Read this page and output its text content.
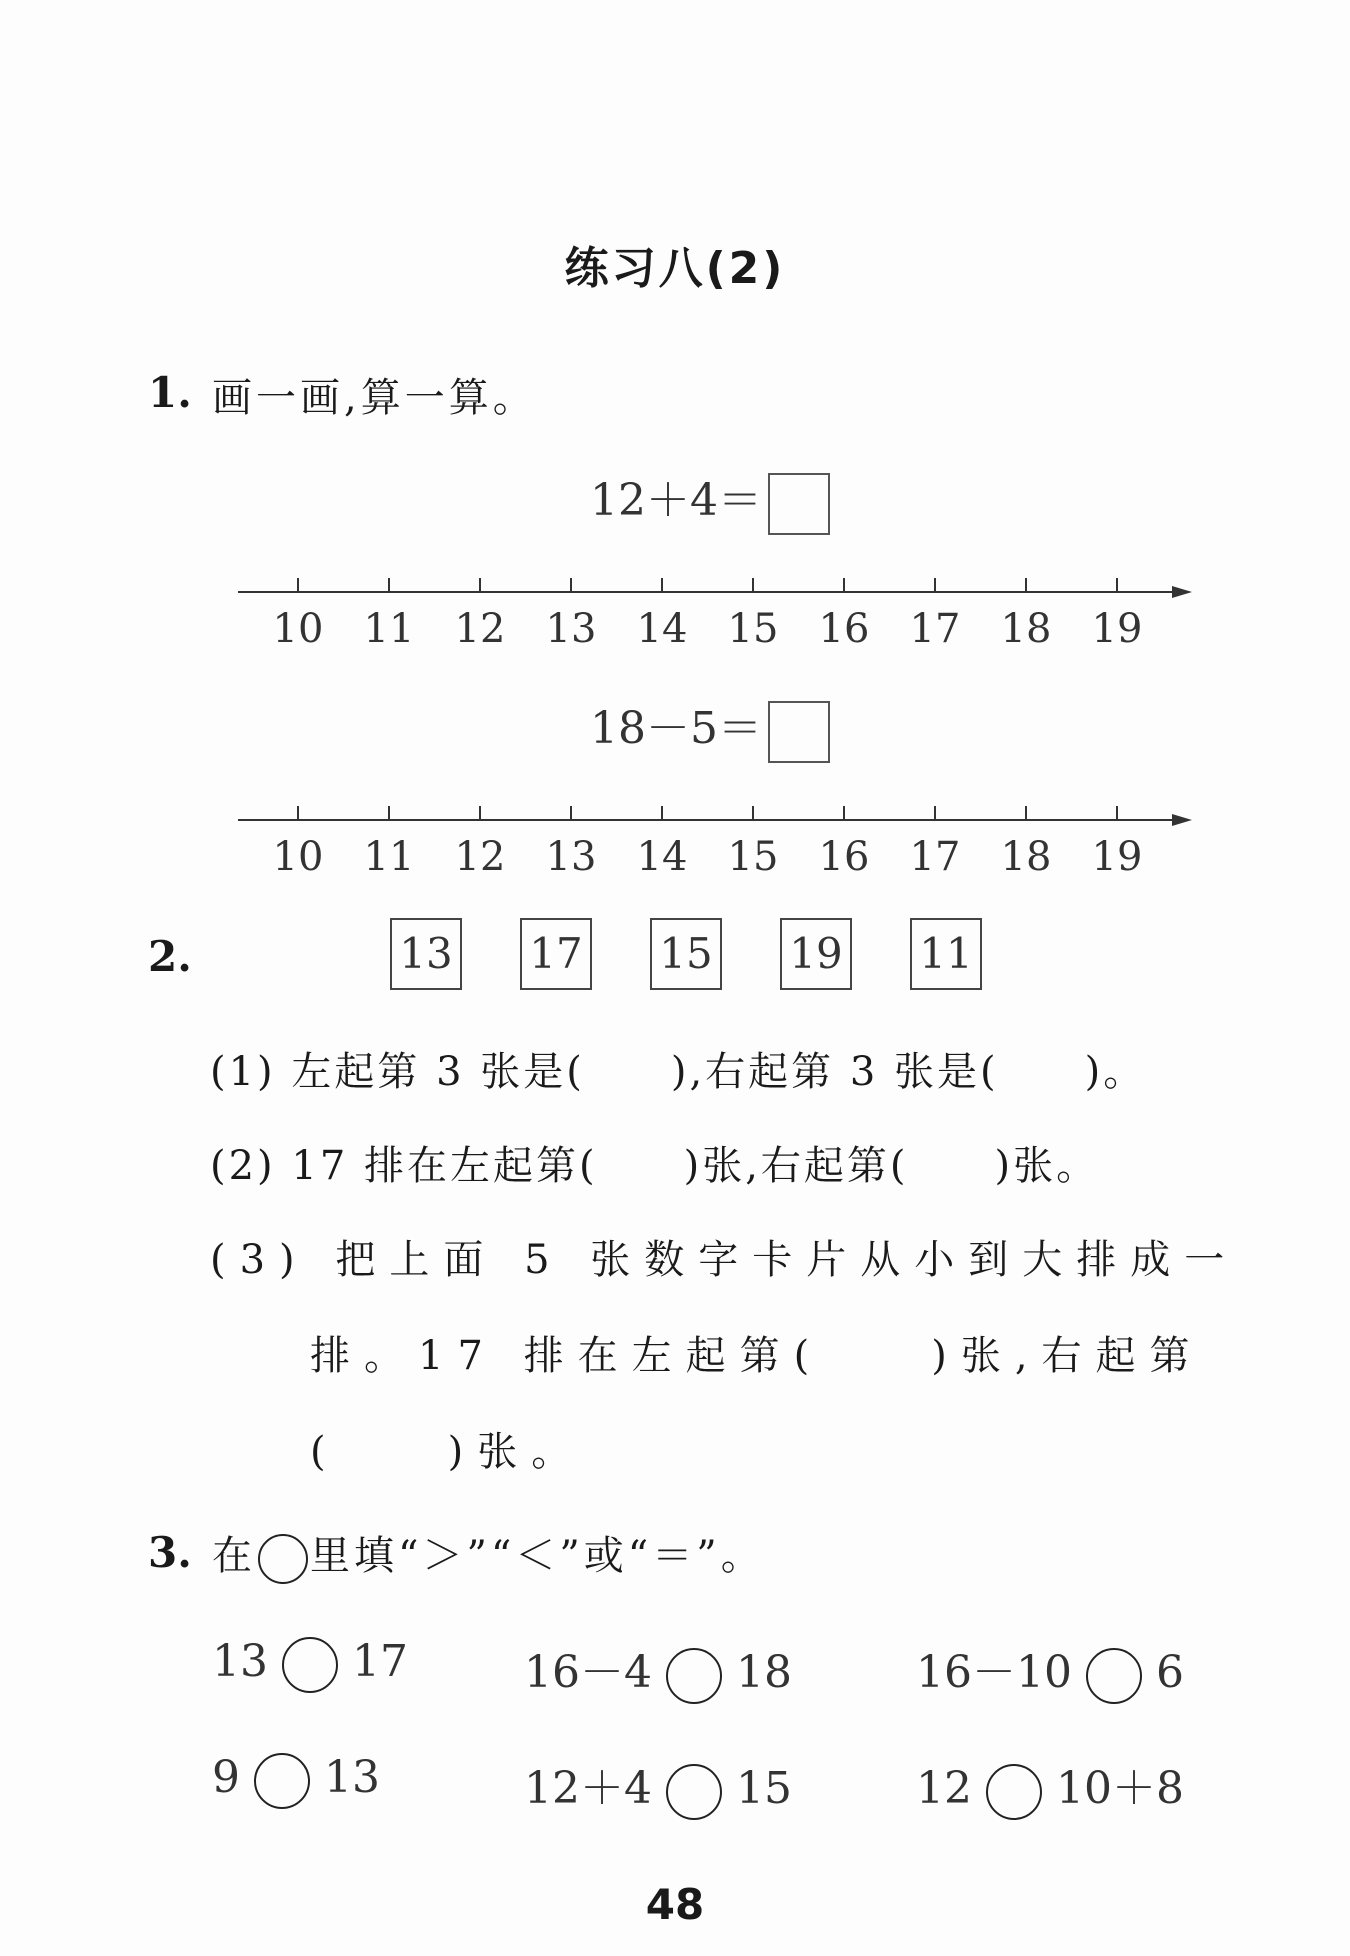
练习八(2)
1. 画一画,算一算。
12＋4＝
10 11 12 13 14 15 16 17 18 19
18－5＝
10 11 12 13 14 15 16 17 18 19
2.	13 17 15 19 11
(1) 左起第 3 张是(　　),右起第 3 张是(　　)。
(2) 17 排在左起第(　　)张,右起第(　　)张。
(3) 把上面 5 张数字卡片从小到大排成一
排。17 排在左起第(　　)张,右起第
(　　)张。
3. 在 里填“＞”“＜”或“＝”。
13 17	16－4 18	16－10 6
9 13	12＋4 15	12 10＋8
48
